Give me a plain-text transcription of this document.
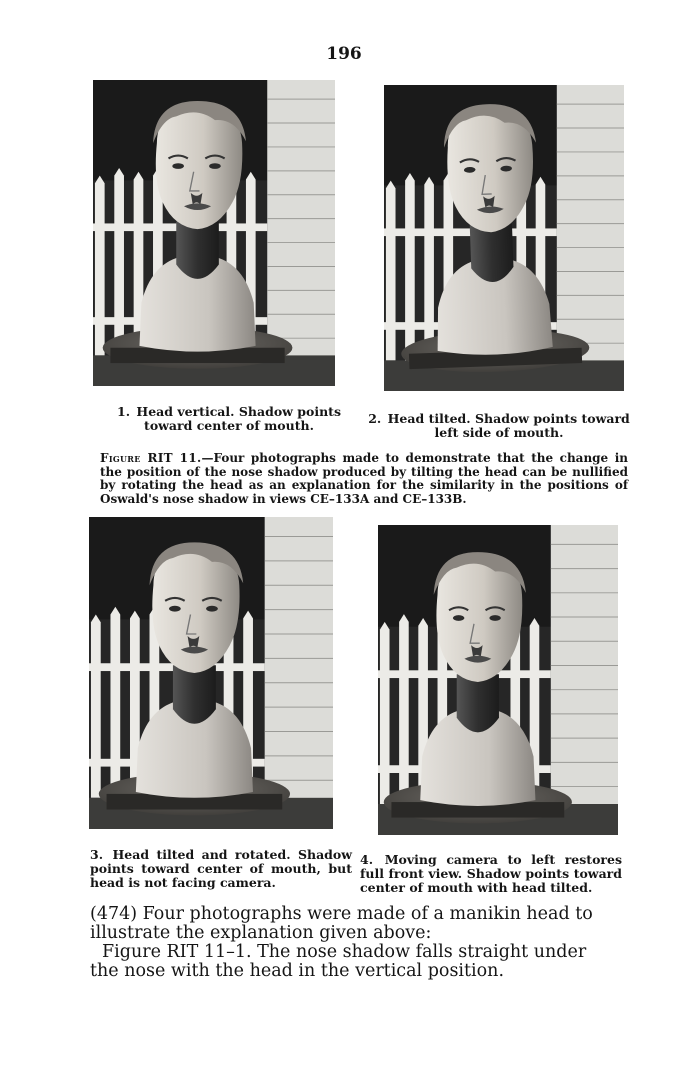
196
1. Head vertical. Shadow points toward center of mouth.	2. Head tilted. Shadow points toward left side of mouth.
Figure RIT 11.—Four photographs made to demonstrate that the change in the position of the nose shadow produced by tilting the head can be nullified by rotating the head as an explanation for the similarity in the positions of Oswald's nose shadow in views CE–133A and CE–133B.
3. Head tilted and rotated. Shadow points toward center of mouth, but head is not facing camera.
4. Moving camera to left restores full front view. Shadow points toward center of mouth with head tilted.

(474) Four photographs were made of a manikin head to illustrate the explanation given above:

Figure RIT 11–1. The nose shadow falls straight under the nose with the head in the vertical position.
